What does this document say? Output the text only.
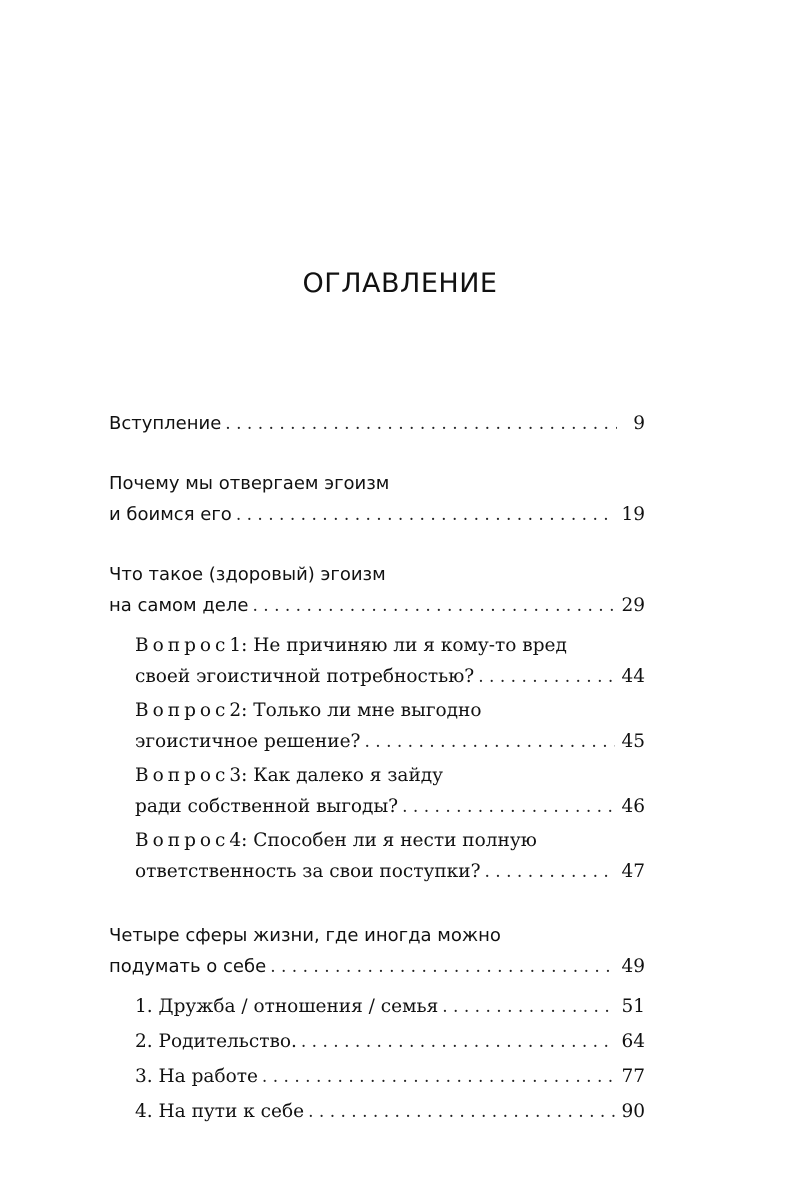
ОГЛАВЛЕНИЕ
Вступление . . .	9
Почему мы отвергаем эгоизм
и боимся его . . .	19
Что такое (здоровый) эгоизм
на самом деле . . .	29
Вопрос 1: Не причиняю ли я кому-то вред
своей эгоистичной потребностью? . . .	44
Вопрос 2: Только ли мне выгодно
эгоистичное решение? . . .	45
Вопрос 3: Как далеко я зайду
ради собственной выгоды? . . .	46
Вопрос 4: Способен ли я нести полную
ответственность за свои поступки? . . .	47
Четыре сферы жизни, где иногда можно
подумать о себе . . .	49
1. Дружба / отношения / семья . . .	51
2. Родительство. . . .	64
3. На работе . . .	77
4. На пути к себе . . .	90
